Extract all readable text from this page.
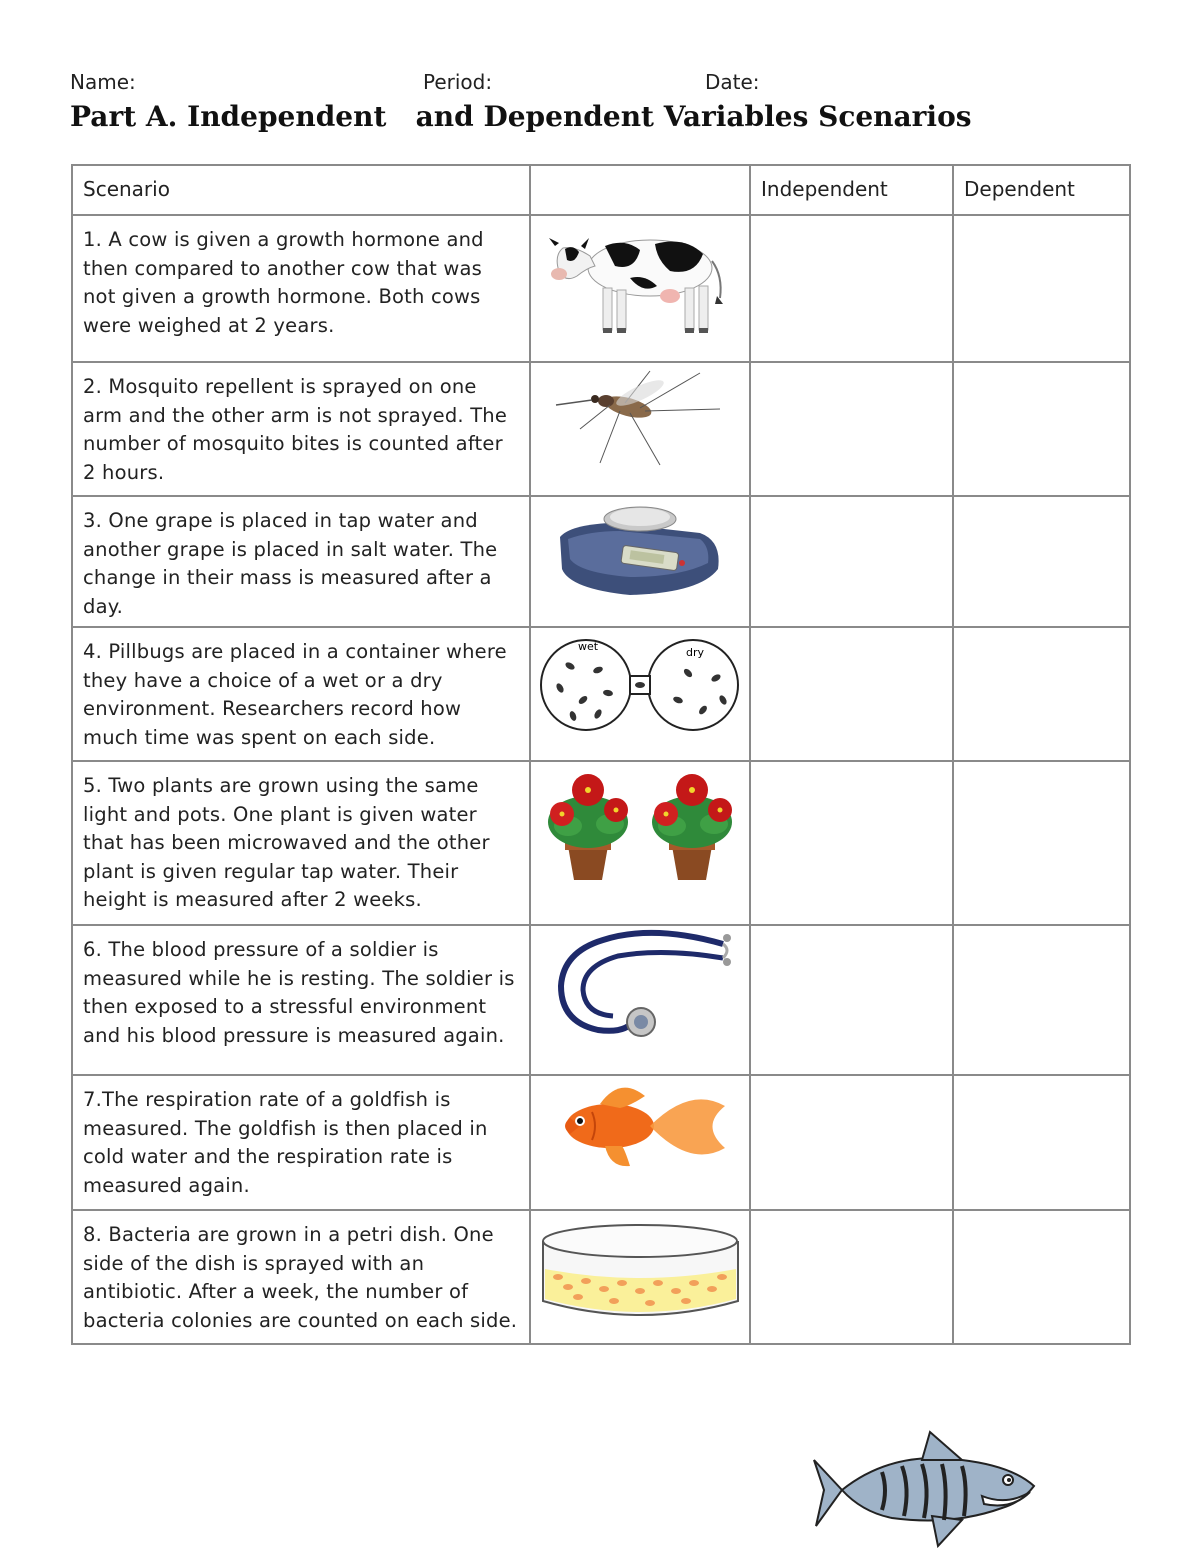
Name:	Period:	Date:
Part A. Independent   and Dependent Variables Scenarios
Scenario		Independent	Dependent

1. A cow is given a growth hormone and then compared to another cow that was not given a growth hormone. Both cows were weighed at 2 years.

2. Mosquito repellent is sprayed on one arm and the other arm is not sprayed. The number of mosquito bites is counted after 2 hours.

3. One grape is placed in tap water and another grape is placed in salt water. The change in their mass is measured after a day.

4. Pillbugs are placed in a container where they have a choice of a wet or a dry environment. Researchers record how much time was spent on each side.	wet dry		

5. Two plants are grown using the same light and pots. One plant is given water that has been microwaved and the other plant is given regular tap water. Their height is measured after 2 weeks.

6. The blood pressure of a soldier is measured while he is resting. The soldier is then exposed to a stressful environment and his blood pressure is measured again.

7.The respiration rate of a goldfish is measured. The goldfish is then placed in cold water and the respiration rate is measured again.

8. Bacteria are grown in a petri dish. One side of the dish is sprayed with an antibiotic. After a week, the number of bacteria colonies are counted on each side.
